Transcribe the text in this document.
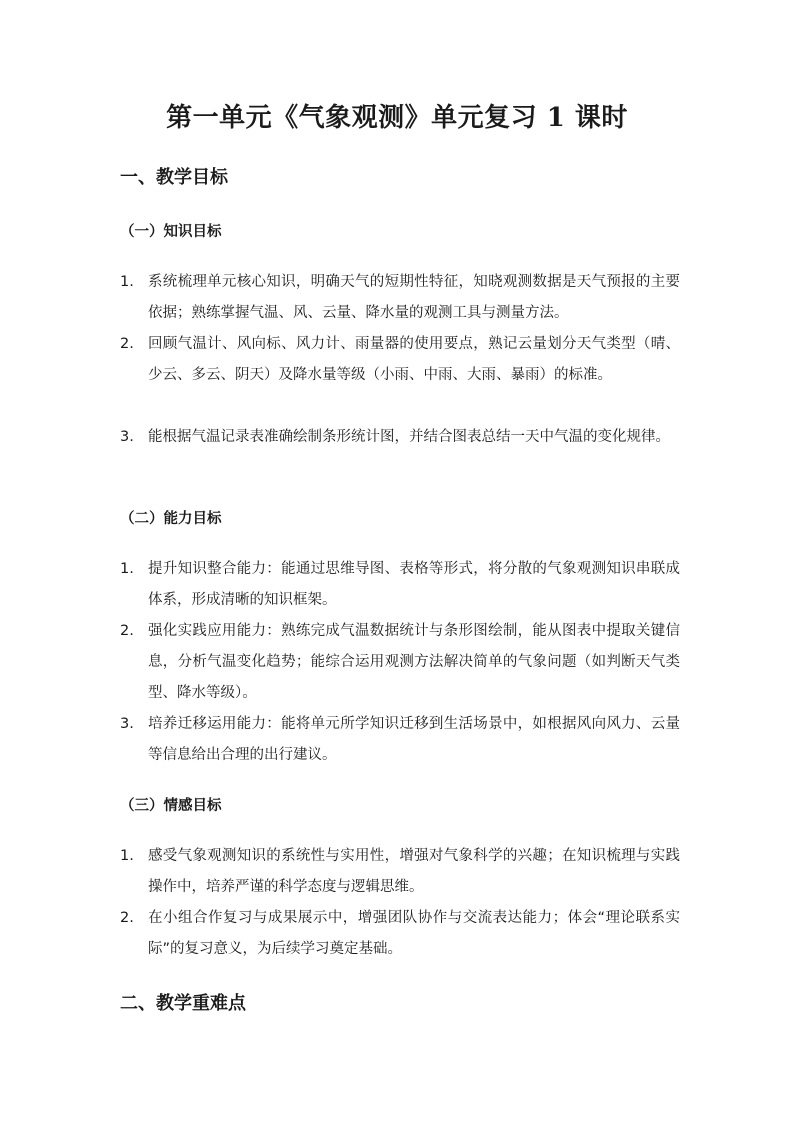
第一单元《气象观测》单元复习 1 课时
一、教学目标
（一）知识目标
1. 系统梳理单元核心知识，明确天气的短期性特征，知晓观测数据是天气预报的主要依据；熟练掌握气温、风、云量、降水量的观测工具与测量方法。
2. 回顾气温计、风向标、风力计、雨量器的使用要点，熟记云量划分天气类型（晴、少云、多云、阴天）及降水量等级（小雨、中雨、大雨、暴雨）的标准。
3. 能根据气温记录表准确绘制条形统计图，并结合图表总结一天中气温的变化规律。
（二）能力目标
1. 提升知识整合能力：能通过思维导图、表格等形式，将分散的气象观测知识串联成体系，形成清晰的知识框架。
2. 强化实践应用能力：熟练完成气温数据统计与条形图绘制，能从图表中提取关键信息，分析气温变化趋势；能综合运用观测方法解决简单的气象问题（如判断天气类型、降水等级）。
3. 培养迁移运用能力：能将单元所学知识迁移到生活场景中，如根据风向风力、云量等信息给出合理的出行建议。
（三）情感目标
1. 感受气象观测知识的系统性与实用性，增强对气象科学的兴趣；在知识梳理与实践操作中，培养严谨的科学态度与逻辑思维。
2. 在小组合作复习与成果展示中，增强团队协作与交流表达能力；体会“理论联系实际”的复习意义，为后续学习奠定基础。
二、教学重难点
